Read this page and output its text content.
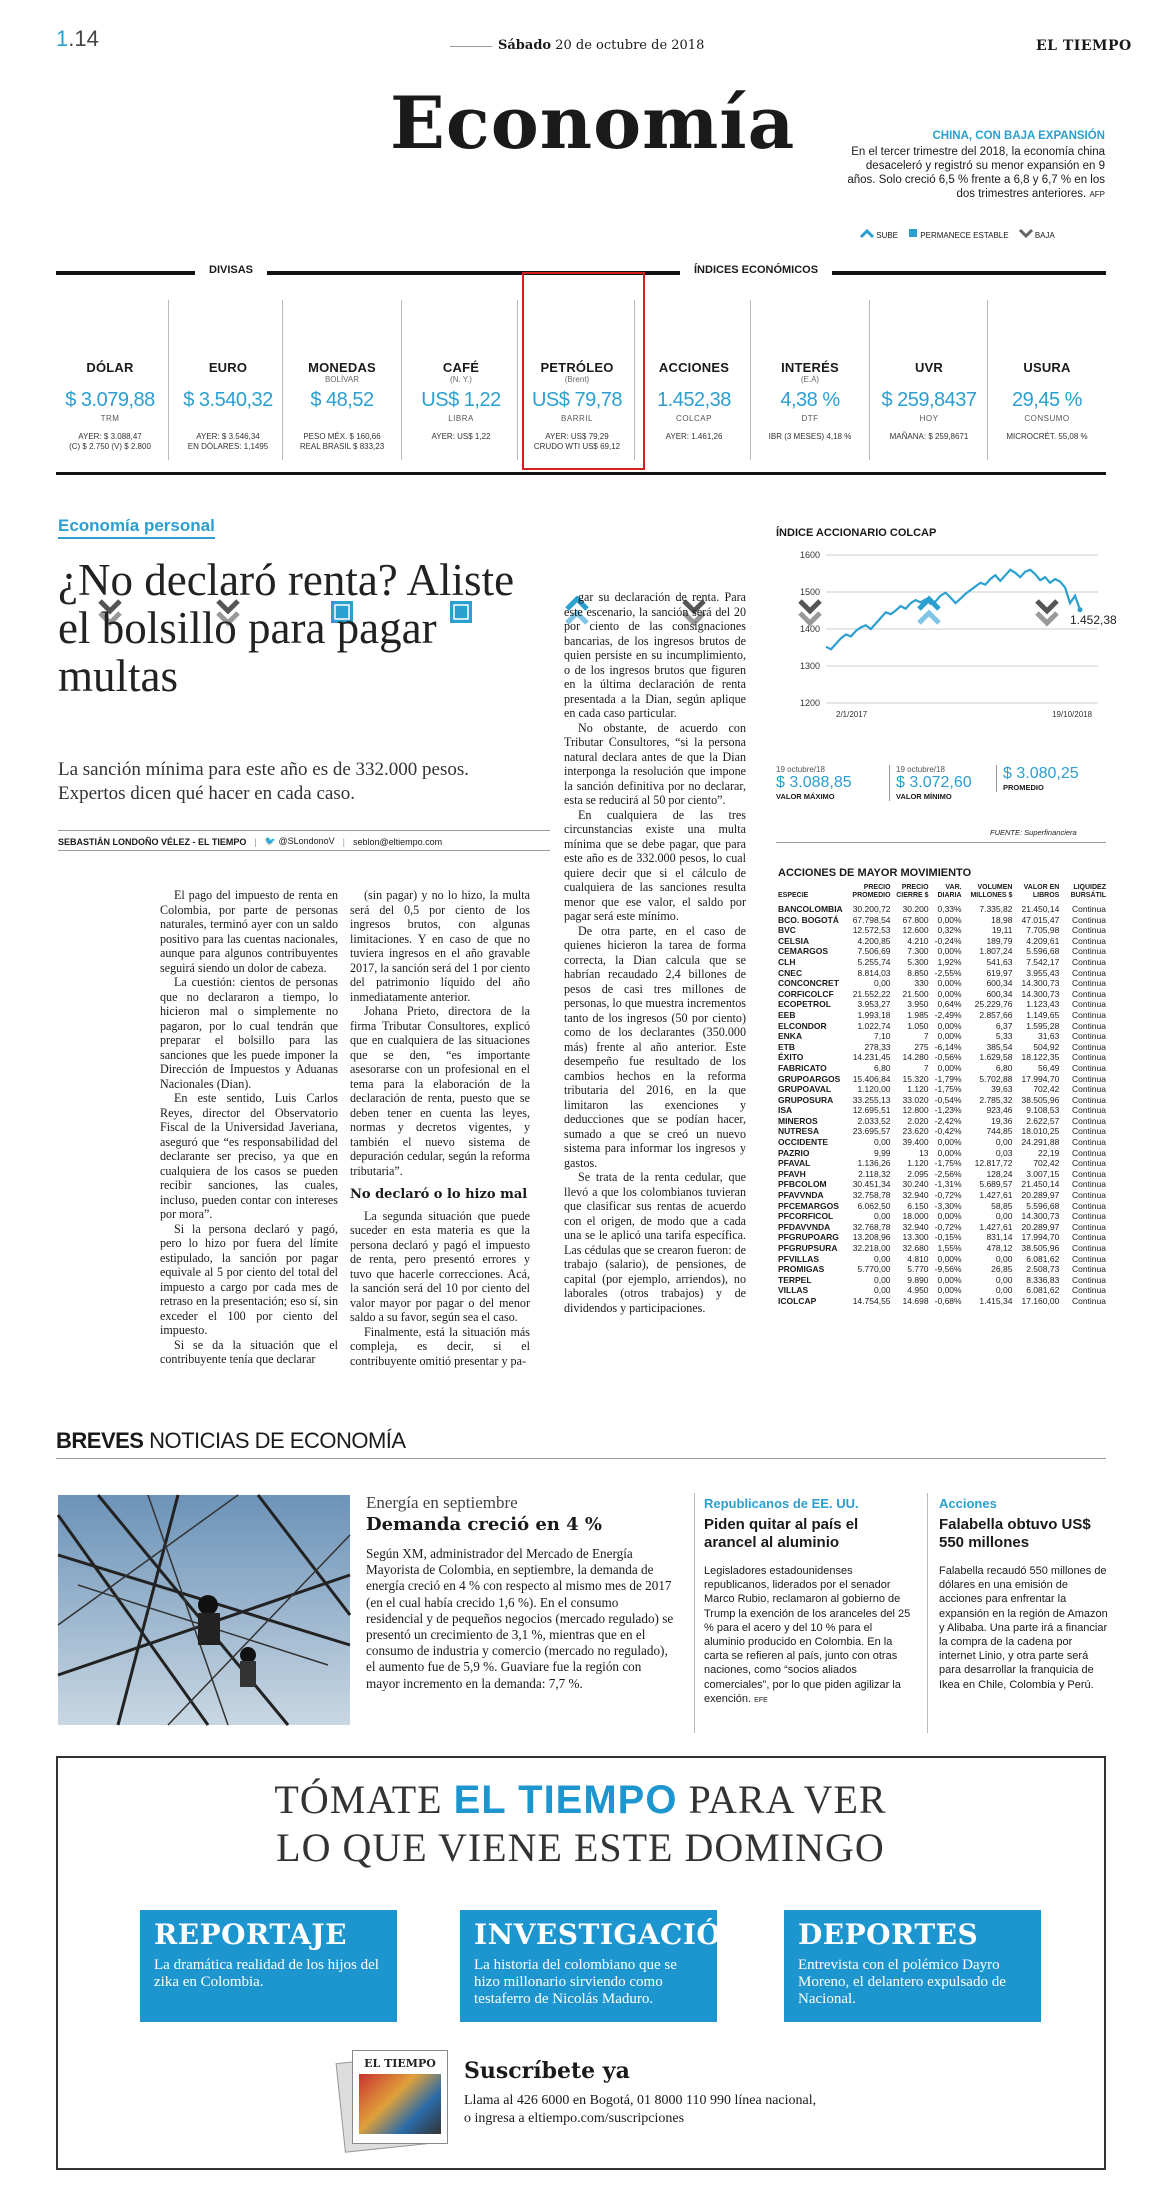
1.14	Sábado 20 de octubre de 2018	EL TIEMPO
Economía	CHINA, CON BAJA EXPANSIÓN
En el tercer trimestre del 2018, la economía china desaceleró y registró su menor expansión en 9 años. Solo creció 6,5 % frente a 6,8 y 6,7 % en los dos trimestres anteriores. AFP
SUBE	PERMANECE ESTABLE	BAJA
DIVISAS	ÍNDICES ECONÓMICOS
DÓLAR
$ 3.079,88
TRM
AYER: $ 3.088,47
(C) $ 2.750 (V) $ 2.800
EURO
$ 3.540,32
AYER: $ 3.546,34
EN DÓLARES: 1,1495
MONEDAS
BOLÍVAR
$ 48,52
PESO MÉX. $ 160,66
REAL BRASIL $ 833,23
CAFÉ
(N. Y.)
US$ 1,22
LIBRA
AYER: US$ 1,22
PETRÓLEO
(Brent)
US$ 79,78
BARRIL
AYER: US$ 79,29
CRUDO WTI US$ 69,12
ACCIONES
1.452,38
COLCAP
AYER: 1.461,26
INTERÉS
(E.A)
4,38 %
DTF
IBR (3 MESES) 4,18 %
UVR
$ 259,8437
HOY
MAÑANA: $ 259,8671
USURA
29,45 %
CONSUMO
MICROCRÉT. 55,08 %
Economía personal
¿No declaró renta? Aliste el bolsillo para pagar multas
La sanción mínima para este año es de 332.000 pesos. Expertos dicen qué hacer en cada caso.
SEBASTIÁN LONDOÑO VÉLEZ - EL TIEMPO | 🐦 @SLondonoV | seblon@eltiempo.com

El pago del impuesto de renta en Colombia, por parte de personas naturales, terminó ayer con un saldo positivo para las cuentas nacionales, aunque para algunos contribuyentes seguirá siendo un dolor de cabeza.

La cuestión: cientos de personas que no declararon a tiempo, lo hicieron mal o simplemente no pagaron, por lo cual tendrán que preparar el bolsillo para las sanciones que les puede imponer la Dirección de Impuestos y Aduanas Nacionales (Dian).

En este sentido, Luis Carlos Reyes, director del Observatorio Fiscal de la Universidad Javeriana, aseguró que “es responsabilidad del declarante ser preciso, ya que en cualquiera de los casos se pueden recibir sanciones, las cuales, incluso, pueden contar con intereses por mora”.

Si la persona declaró y pagó, pero lo hizo por fuera del límite estipulado, la sanción por pagar equivale al 5 por ciento del total del impuesto a cargo por cada mes de retraso en la presentación; eso sí, sin exceder el 100 por ciento del impuesto.

Si se da la situación que el contribuyente tenía que declarar

(sin pagar) y no lo hizo, la multa será del 0,5 por ciento de los ingresos brutos, con algunas limitaciones. Y en caso de que no tuviera ingresos en el año gravable 2017, la sanción será del 1 por ciento del patrimonio líquido del año inmediatamente anterior.

Johana Prieto, directora de la firma Tributar Consultores, explicó que en cualquiera de las situaciones que se den, “es importante asesorarse con un profesional en el tema para la elaboración de la declaración de renta, puesto que se deben tener en cuenta las leyes, normas y decretos vigentes, y también el nuevo sistema de depuración cedular, según la reforma tributaria”.

No declaró o lo hizo mal

La segunda situación que puede suceder en esta materia es que la persona declaró y pagó el impuesto de renta, pero presentó errores y tuvo que hacerle correcciones. Acá, la sanción será del 10 por ciento del valor mayor por pagar o del menor saldo a su favor, según sea el caso.

Finalmente, está la situación más compleja, es decir, si el contribuyente omitió presentar y pa-

gar su declaración de renta. Para este escenario, la sanción será del 20 por ciento de las consignaciones bancarias, de los ingresos brutos de quien persiste en su incumplimiento, o de los ingresos brutos que figuren en la última declaración de renta presentada a la Dian, según aplique en cada caso particular.

No obstante, de acuerdo con Tributar Consultores, “si la persona natural declara antes de que la Dian interponga la resolución que impone la sanción definitiva por no declarar, esta se reducirá al 50 por ciento”.

En cualquiera de las tres circunstancias existe una multa mínima que se debe pagar, que para este año es de 332.000 pesos, lo cual quiere decir que si el cálculo de cualquiera de las sanciones resulta menor que ese valor, el saldo por pagar será este mínimo.

De otra parte, en el caso de quienes hicieron la tarea de forma correcta, la Dian calcula que se habrían recaudado 2,4 billones de pesos de casi tres millones de personas, lo que muestra incrementos tanto de los ingresos (50 por ciento) como de los declarantes (350.000 más) frente al año anterior. Este desempeño fue resultado de los cambios hechos en la reforma tributaria del 2016, en la que limitaron las exenciones y deducciones que se podían hacer, sumado a que se creó un nuevo sistema para informar los ingresos y gastos.

Se trata de la renta cedular, que llevó a que los colombianos tuvieran que clasificar sus rentas de acuerdo con el origen, de modo que a cada una se le aplicó una tarifa específica. Las cédulas que se crearon fueron: de trabajo (salario), de pensiones, de capital (por ejemplo, arriendos), no laborales (otros trabajos) y de dividendos y participaciones.

ÍNDICE ACCIONARIO COLCAP
1600
1500
1400
1300
1200
1.452,38
2/1/2017	19/10/2018
19 octubre/18
$ 3.088,85
VALOR MÁXIMO
19 octubre/18
$ 3.072,60
VALOR MÍNIMO
$ 3.080,25
PROMEDIO
FUENTE: Superfinanciera
ACCIONES DE MAYOR MOVIMIENTO
ESPECIE	PRECIO PROMEDIO	PRECIO CIERRE $	VAR. DIARIA	VOLUMEN MILLONES $	VALOR EN LIBROS	LIQUIDEZ BURSÁTIL
BANCOLOMBIA	30.200,72	30.200	0,33%	7.335,82	21.450,14	Continua
BCO. BOGOTÁ	67.798,54	67.800	0,00%	18,98	47.015,47	Continua
BVC	12.572,53	12.600	0,32%	19,11	7.705,98	Continua
CELSIA	4.200,85	4.210	-0,24%	189,79	4.209,61	Continua
CEMARGOS	7.506,69	7.300	0,00%	1.807,24	5.596,68	Continua
CLH	5.255,74	5.300	1,92%	541,63	7.542,17	Continua
CNEC	8.814,03	8.850	-2,55%	619,97	3.955,43	Continua
CONCONCRET	0,00	330	0,00%	600,34	14.300,73	Continua
CORFICOLCF	21.552,22	21.500	0,00%	600,34	14.300,73	Continua
ECOPETROL	3.953,27	3.950	0,64%	25.229,76	1.123,43	Continua
EEB	1.993,18	1.985	-2,49%	2.857,66	1.149,65	Continua
ELCONDOR	1.022,74	1.050	0,00%	6,37	1.595,28	Continua
ENKA	7,10	7	0,00%	5,33	31,63	Continua
ETB	278,33	275	-6,14%	385,54	504,92	Continua
ÉXITO	14.231,45	14.280	-0,56%	1.629,58	18.122,35	Continua
FABRICATO	6,80	7	0,00%	6,80	56,49	Continua
GRUPOARGOS	15.406,84	15.320	-1,79%	5.702,88	17.994,70	Continua
GRUPOAVAL	1.120,00	1.120	-1,75%	39,63	702,42	Continua
GRUPOSURA	33.255,13	33.020	-0,54%	2.785,32	38.505,96	Continua
ISA	12.695,51	12.800	-1,23%	923,46	9.108,53	Continua
MINEROS	2.033,52	2.020	-2,42%	19,36	2.622,57	Continua
NUTRESA	23.695,57	23.620	-0,42%	744,85	18.010,25	Continua
OCCIDENTE	0,00	39.400	0,00%	0,00	24.291,88	Continua
PAZRIO	9,99	13	0,00%	0,03	22,19	Continua
PFAVAL	1.136,26	1.120	-1,75%	12.817,72	702,42	Continua
PFAVH	2.118,32	2.095	-2,56%	128,24	3.007,15	Continua
PFBCOLOM	30.451,34	30.240	-1,31%	5.689,57	21.450,14	Continua
PFAVVNDA	32.758,78	32.940	-0,72%	1.427,61	20.289,97	Continua
PFCEMARGOS	6.062,50	6.150	-3,30%	58,85	5.596,68	Continua
PFCORFICOL	0,00	18.000	0,00%	0,00	14.300,73	Continua
PFDAVVNDA	32.768,78	32.940	-0,72%	1.427,61	20.289,97	Continua
PFGRUPOARG	13.208,96	13.300	-0,15%	831,14	17.994,70	Continua
PFGRUPSURA	32.218,00	32.680	1,55%	478,12	38.505,96	Continua
PFVILLAS	0,00	4.810	0,00%	0,00	6.081,62	Continua
PROMIGAS	5.770,00	5.770	-9,56%	26,85	2.508,73	Continua
TERPEL	0,00	9.890	0,00%	0,00	8.336,83	Continua
VILLAS	0,00	4.950	0,00%	0,00	6.081,62	Continua
ICOLCAP	14.754,55	14.698	-0,68%	1.415,34	17.160,00	Continua
BREVES NOTICIAS DE ECONOMÍA
Energía en septiembre
Demanda creció en 4 %
Según XM, administrador del Mercado de Energía Mayorista de Colombia, en septiembre, la demanda de energía creció en 4 % con respecto al mismo mes de 2017 (en el cual había crecido 1,6 %). En el consumo residencial y de pequeños negocios (mercado regulado) se presentó un crecimiento de 3,1 %, mientras que en el consumo de industria y comercio (mercado no regulado), el aumento fue de 5,9 %. Guaviare fue la región con mayor incremento en la demanda: 7,7 %.
Republicanos de EE. UU.
Piden quitar al país el arancel al aluminio
Legisladores estadounidenses republicanos, liderados por el senador Marco Rubio, reclamaron al gobierno de Trump la exención de los aranceles del 25 % para el acero y del 10 % para el aluminio producido en Colombia. En la carta se refieren al país, junto con otras naciones, como “socios aliados comerciales”, por lo que piden agilizar la exención. EFE
Acciones
Falabella obtuvo US$ 550 millones
Falabella recaudó 550 millones de dólares en una emisión de acciones para enfrentar la expansión en la región de Amazon y Alibaba. Una parte irá a financiar la compra de la cadena por internet Linio, y otra parte será para desarrollar la franquicia de Ikea en Chile, Colombia y Perú.
TÓMATE EL TIEMPO PARA VER
LO QUE VIENE ESTE DOMINGO
REPORTAJE
La dramática realidad de los hijos del zika en Colombia.
INVESTIGACIÓN
La historia del colombiano que se hizo millonario sirviendo como testaferro de Nicolás Maduro.
DEPORTES
Entrevista con el polémico Dayro Moreno, el delantero expulsado de Nacional.
EL TIEMPO	Suscríbete ya
Llama al 426 6000 en Bogotá, 01 8000 110 990 línea nacional,
o ingresa a eltiempo.com/suscripciones
